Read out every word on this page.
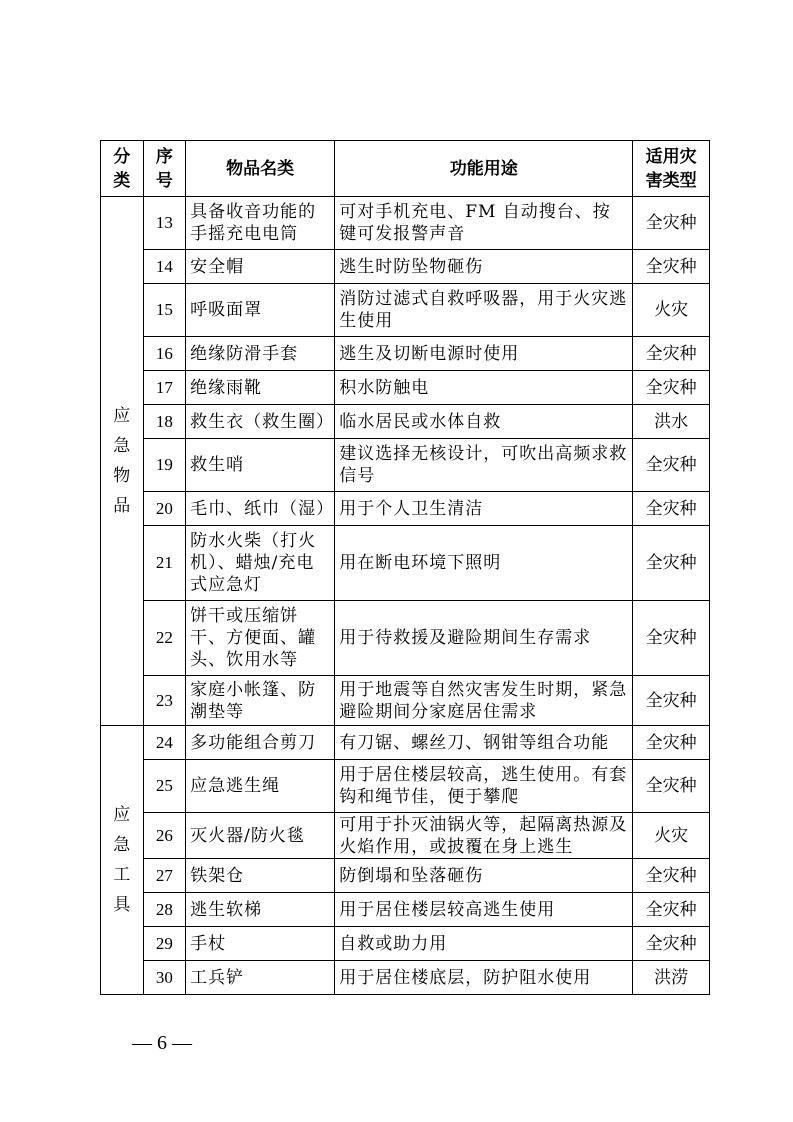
分类	序号	物品名类	功能用途	适用灾害类型
应急物品	13	具备收音功能的手摇充电电筒	可对手机充电、FM 自动搜台、按键可发报警声音	全灾种
	14	安全帽	逃生时防坠物砸伤	全灾种
	15	呼吸面罩	消防过滤式自救呼吸器，用于火灾逃生使用	火灾
	16	绝缘防滑手套	逃生及切断电源时使用	全灾种
	17	绝缘雨靴	积水防触电	全灾种
	18	救生衣（救生圈）	临水居民或水体自救	洪水
	19	救生哨	建议选择无核设计，可吹出高频求救信号	全灾种
	20	毛巾、纸巾（湿）	用于个人卫生清洁	全灾种
	21	防水火柴（打火机）、蜡烛/充电式应急灯	用在断电环境下照明	全灾种
	22	饼干或压缩饼干、方便面、罐头、饮用水等	用于待救援及避险期间生存需求	全灾种
	23	家庭小帐篷、防潮垫等	用于地震等自然灾害发生时期，紧急避险期间分家庭居住需求	全灾种
应急工具	24	多功能组合剪刀	有刀锯、螺丝刀、钢钳等组合功能	全灾种
	25	应急逃生绳	用于居住楼层较高，逃生使用。有套钩和绳节佳，便于攀爬	全灾种
	26	灭火器/防火毯	可用于扑灭油锅火等，起隔离热源及火焰作用，或披覆在身上逃生	火灾
	27	铁架仓	防倒塌和坠落砸伤	全灾种
	28	逃生软梯	用于居住楼层较高逃生使用	全灾种
	29	手杖	自救或助力用	全灾种
	30	工兵铲	用于居住楼底层，防护阻水使用	洪涝
— 6 —
